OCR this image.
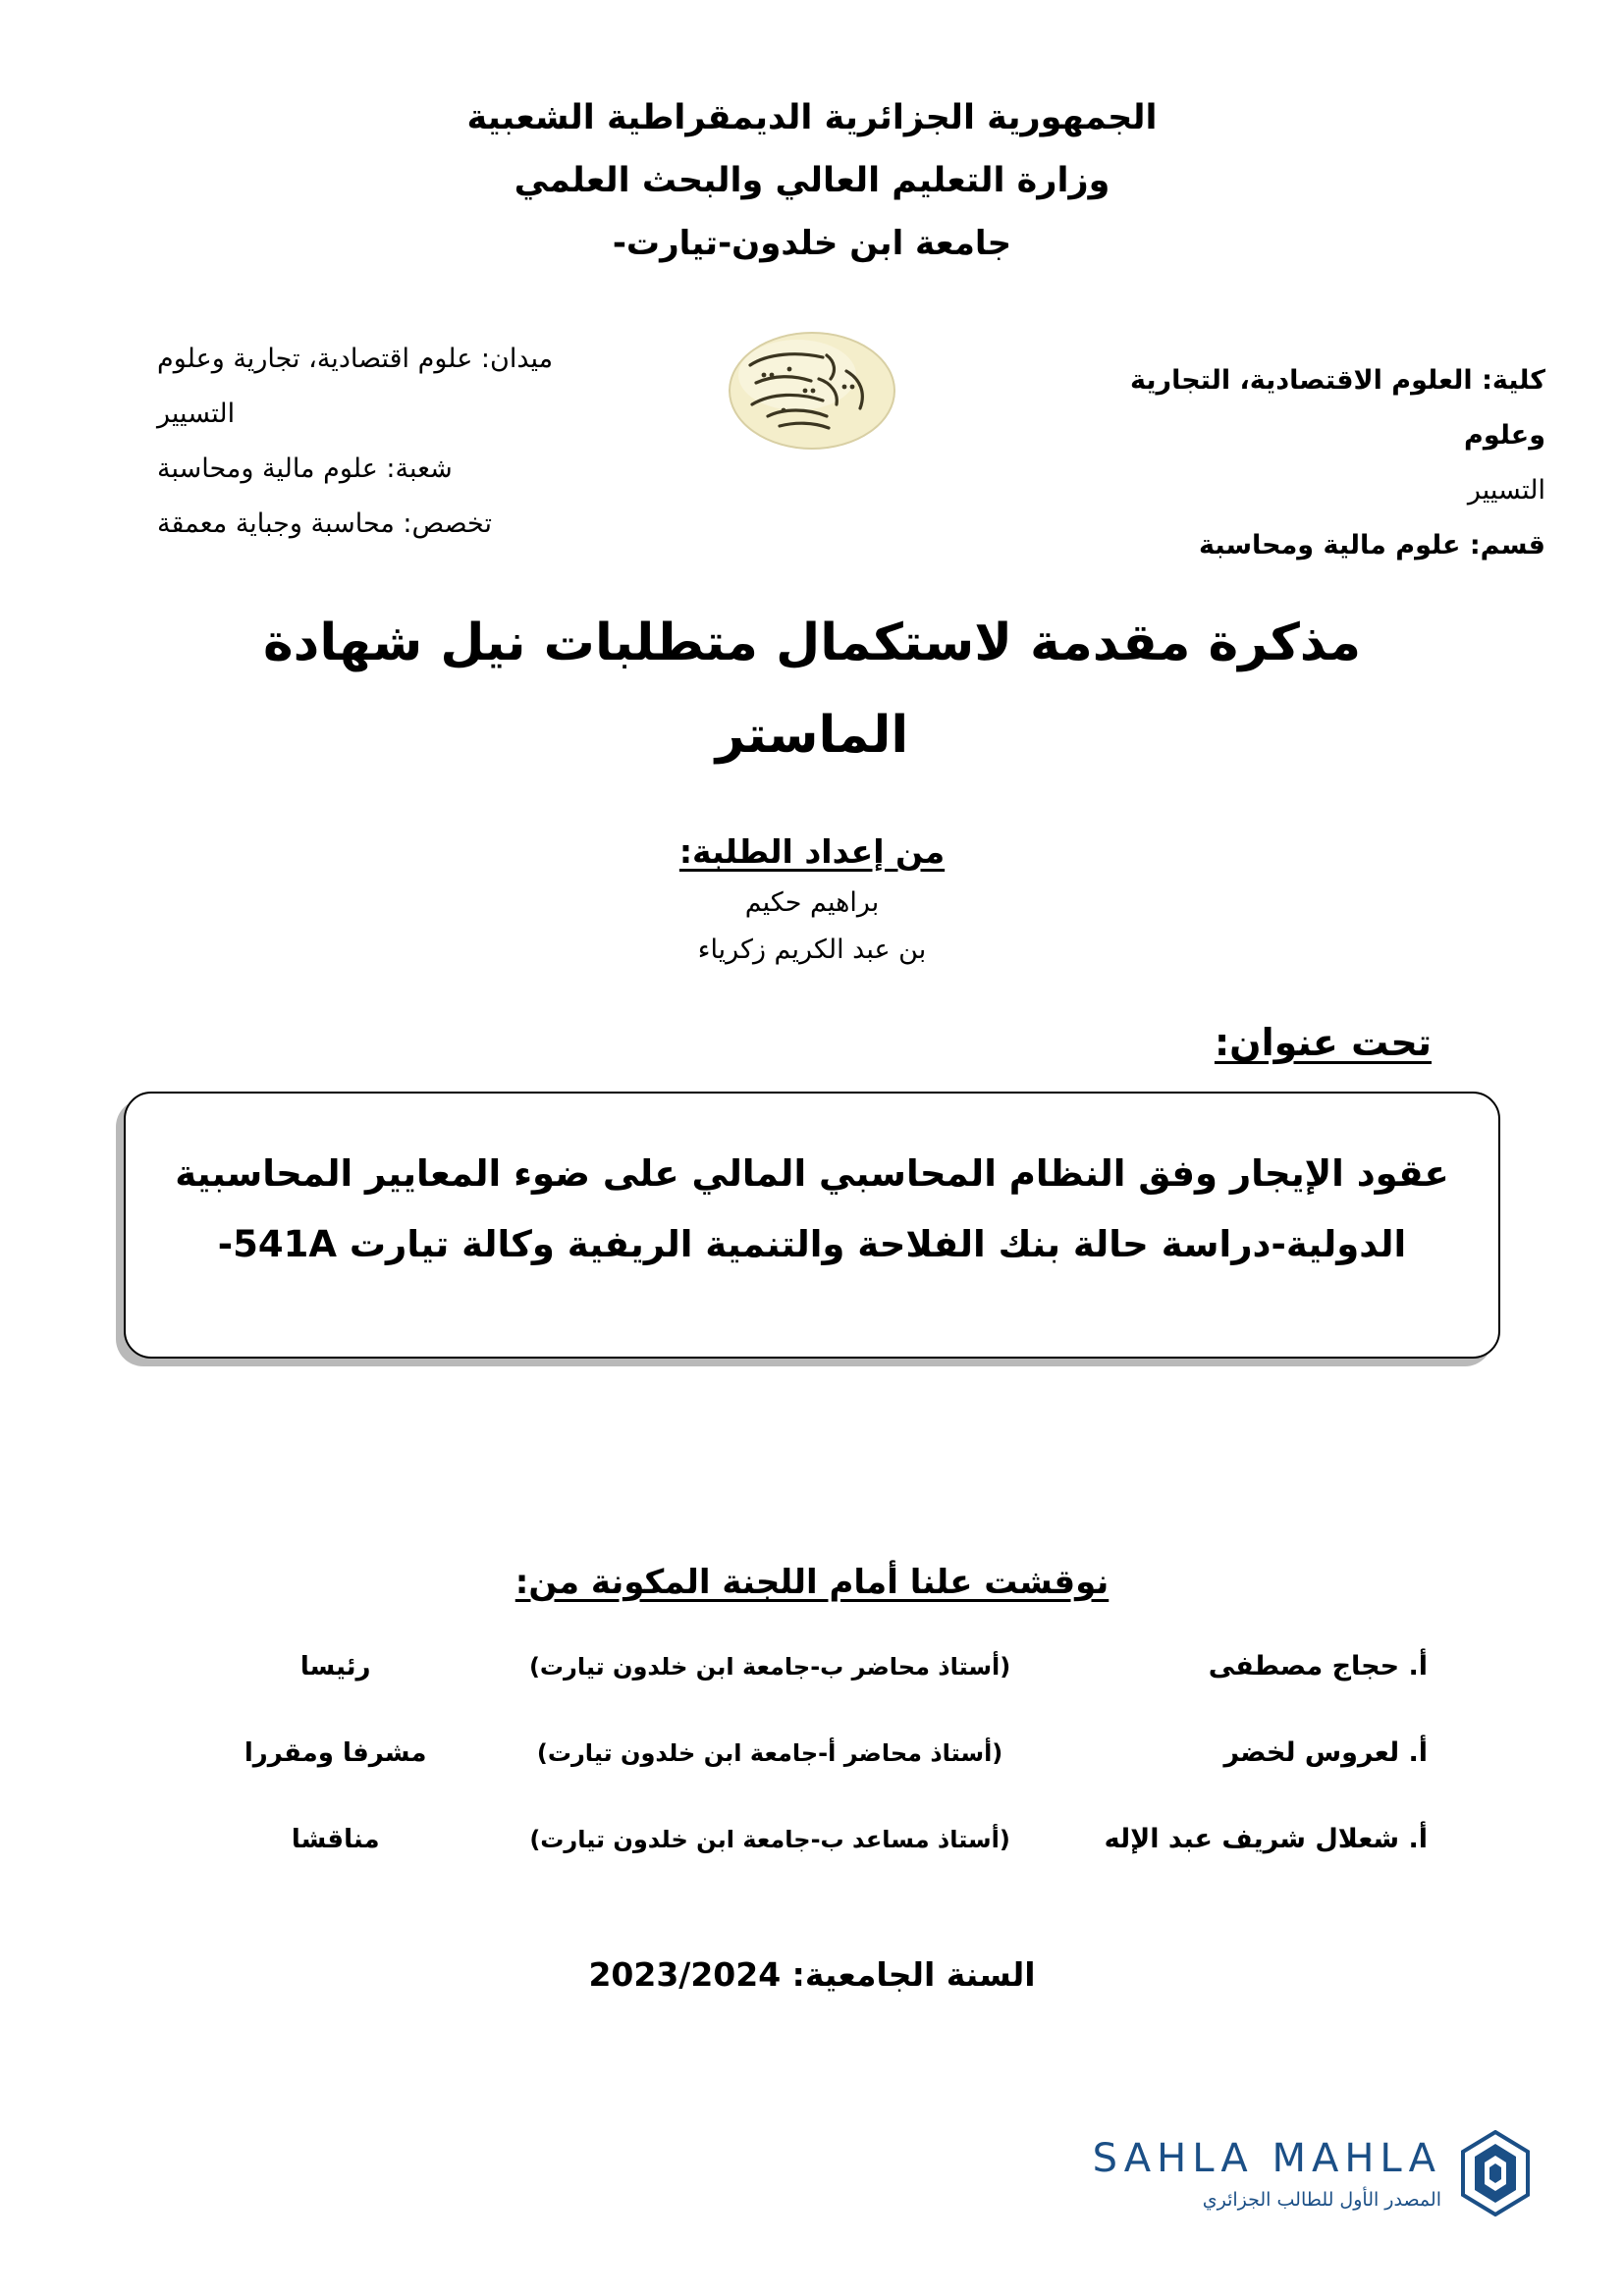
الجمهورية الجزائرية الديمقراطية الشعبية
وزارة التعليم العالي والبحث العلمي
جامعة ابن خلدون-تيارت-
كلية: العلوم الاقتصادية، التجارية وعلوم
التسيير
قسم: علوم مالية ومحاسبة
ميدان: علوم اقتصادية، تجارية وعلوم
التسيير
شعبة: علوم مالية ومحاسبة
تخصص: محاسبة وجباية معمقة
مذكرة مقدمة لاستكمال متطلبات نيل شهادة
الماستر
من إعداد الطلبة:
براهيم حكيم
بن عبد الكريم زكرياء
تحت عنوان:
عقود الإيجار وفق النظام المحاسبي المالي على ضوء المعايير المحاسبية
الدولية-دراسة حالة بنك الفلاحة والتنمية الريفية وكالة تيارت 541A-
نوقشت علنا أمام اللجنة المكونة من:
أ. حجاج مصطفى
(أستاذ محاضر ب-جامعة ابن خلدون تيارت)
رئيسا
أ. لعروس لخضر
(أستاذ محاضر أ-جامعة ابن خلدون تيارت)
مشرفا ومقررا
أ. شعلال شريف عبد الإله
(أستاذ مساعد ب-جامعة ابن خلدون تيارت)
مناقشا
السنة الجامعية: 2023/2024
SAHLA MAHLA
المصدر الأول للطالب الجزائري
